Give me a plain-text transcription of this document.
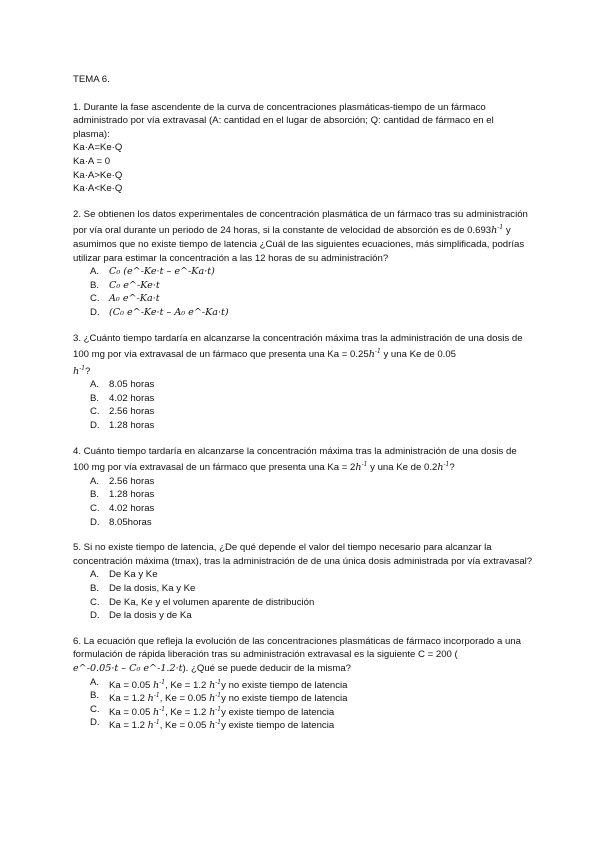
TEMA 6.

1. Durante la fase ascendente de la curva de concentraciones plasmáticas-tiempo de un fármaco administrado por vía extravasal (A: cantidad en el lugar de absorción; Q: cantidad de fármaco en el plasma):

Ka·A=Ke·Q

Ka·A = 0

Ka·A>Ke·Q

Ka·A<Ke·Q

2. Se obtienen los datos experimentales de concentración plasmática de un fármaco tras su administración por vía oral durante un periodo de 24 horas, si la constante de velocidad de absorción es de $0.693h^{-1}$ y asumimos que no existe tiempo de latencia ¿Cuál de las siguientes ecuaciones, más simplificada, podrías utilizar para estimar la concentración a las 12 horas de su administración?

A.	C₀ (e^-Ke·t – e^-Ka·t)
B.	C₀ e^-Ke·t
C. A₀ e^-Ka·t
D. (C₀ e^-Ke·t – A₀ e^-Ka·t)

3. ¿Cuánto tiempo tardaría en alcanzarse la concentración máxima tras la administración de una dosis de 100 mg por vía extravasal de un fármaco que presenta una $Ka = 0.25h^{-1}$ y una Ke de 0.05
$h^{-1}$?

A.	8.05 horas
B.	4.02 horas
C. 2.56 horas
D. 1.28 horas

4. Cuánto tiempo tardaría en alcanzarse la concentración máxima tras la administración de una dosis de 100 mg por vía extravasal de un fármaco que presenta una $Ka = 2h^{-1}$ y una Ke de $0.2h^{-1}$?

A.	2.56 horas
B.	1.28 horas
C. 4.02 horas
D. 8.05horas

5. Si no existe tiempo de latencia, ¿De qué depende el valor del tiempo necesario para alcanzar la concentración máxima (tmax), tras la administración de de una única dosis administrada por vía extravasal?

A.	De Ka y Ke
B.	De la dosis, Ka y Ke
C. De Ka, Ke y el volumen aparente de distribución
D. De la dosis y de Ka

6. La ecuación que refleja la evolución de las concentraciones plasmáticas de fármaco incorporado a una formulación de rápida liberación tras su administración extravasal es la siguiente C = 200 (
e^-0.05·t – C₀ e^-1.2·t). ¿Qué se puede deducir de la misma?

A.	Ka = 0.05 $h^{-1}$, Ke = 1.2 $h^{-1}y$ no existe tiempo de latencia
B.	Ka = 1.2 $h^{-1}$, Ke = 0.05 $h^{-1}y$ no existe tiempo de latencia
C. Ka = 0.05 $h^{-1}$, Ke = 1.2 $h^{-1}y$ existe tiempo de latencia
D. Ka = 1.2 $h^{-1}$, Ke = 0.05 $h^{-1}y$ existe tiempo de latencia
